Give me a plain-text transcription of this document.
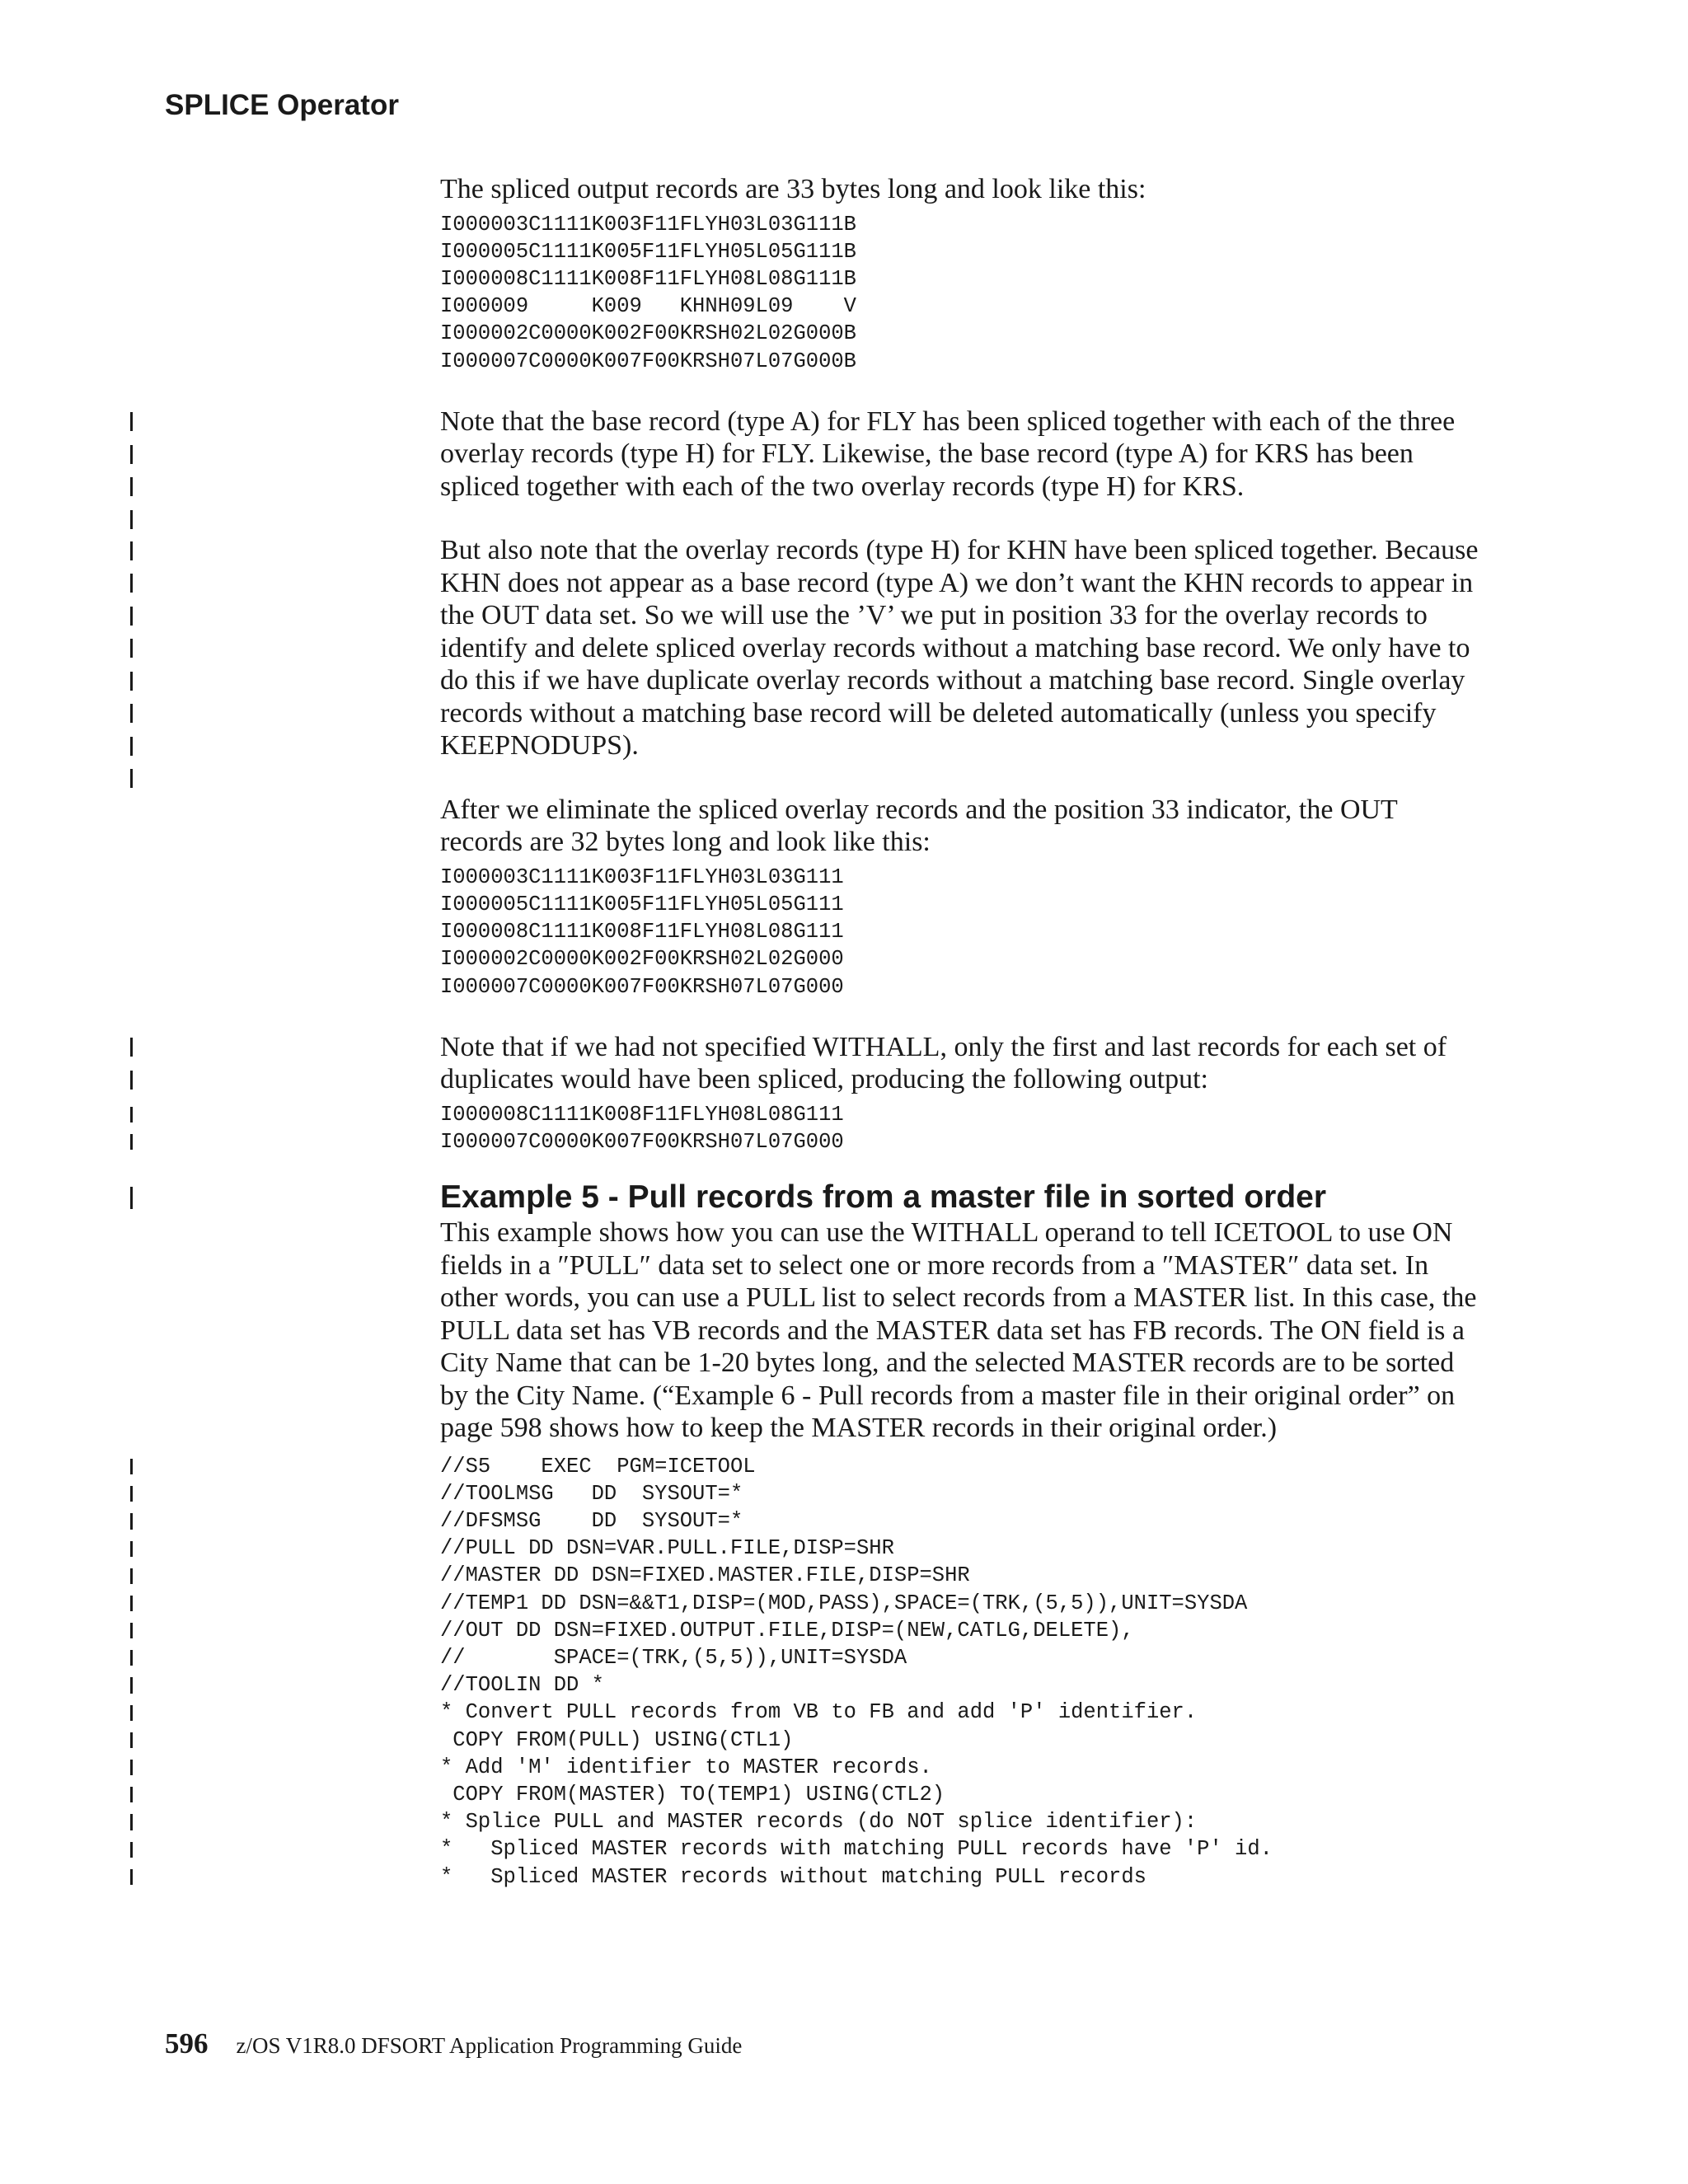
SPLICE Operator

The spliced output records are 33 bytes long and look like this:

I000003C1111K003F11FLYH03L03G111B
I000005C1111K005F11FLYH05L05G111B
I000008C1111K008F11FLYH08L08G111B
I000009     K009   KHNH09L09    V
I000002C0000K002F00KRSH02L02G000B
I000007C0000K007F00KRSH07L07G000B

Note that the base record (type A) for FLY has been spliced together with each of the three overlay records (type H) for FLY. Likewise, the base record (type A) for KRS has been spliced together with each of the two overlay records (type H) for KRS.

But also note that the overlay records (type H) for KHN have been spliced together. Because KHN does not appear as a base record (type A) we don’t want the KHN records to appear in the OUT data set. So we will use the ’V’ we put in position 33 for the overlay records to identify and delete spliced overlay records without a matching base record. We only have to do this if we have duplicate overlay records without a matching base record. Single overlay records without a matching base record will be deleted automatically (unless you specify KEEPNODUPS).

After we eliminate the spliced overlay records and the position 33 indicator, the OUT records are 32 bytes long and look like this:

I000003C1111K003F11FLYH03L03G111
I000005C1111K005F11FLYH05L05G111
I000008C1111K008F11FLYH08L08G111
I000002C0000K002F00KRSH02L02G000
I000007C0000K007F00KRSH07L07G000

Note that if we had not specified WITHALL, only the first and last records for each set of duplicates would have been spliced, producing the following output:

I000008C1111K008F11FLYH08L08G111
I000007C0000K007F00KRSH07L07G000
Example 5 - Pull records from a master file in sorted order

This example shows how you can use the WITHALL operand to tell ICETOOL to use ON fields in a ″PULL″ data set to select one or more records from a ″MASTER″ data set. In other words, you can use a PULL list to select records from a MASTER list. In this case, the PULL data set has VB records and the MASTER data set has FB records. The ON field is a City Name that can be 1-20 bytes long, and the selected MASTER records are to be sorted by the City Name. (“Example 6 - Pull records from a master file in their original order” on page 598 shows how to keep the MASTER records in their original order.)

//S5    EXEC  PGM=ICETOOL
//TOOLMSG   DD  SYSOUT=*
//DFSMSG    DD  SYSOUT=*
//PULL DD DSN=VAR.PULL.FILE,DISP=SHR
//MASTER DD DSN=FIXED.MASTER.FILE,DISP=SHR
//TEMP1 DD DSN=&&T1,DISP=(MOD,PASS),SPACE=(TRK,(5,5)),UNIT=SYSDA
//OUT DD DSN=FIXED.OUTPUT.FILE,DISP=(NEW,CATLG,DELETE),
//       SPACE=(TRK,(5,5)),UNIT=SYSDA
//TOOLIN DD *
* Convert PULL records from VB to FB and add 'P' identifier.
COPY FROM(PULL) USING(CTL1)
* Add 'M' identifier to MASTER records.
COPY FROM(MASTER) TO(TEMP1) USING(CTL2)
* Splice PULL and MASTER records (do NOT splice identifier):
*   Spliced MASTER records with matching PULL records have 'P' id.
*   Spliced MASTER records without matching PULL records
596 z/OS V1R8.0 DFSORT Application Programming Guide
